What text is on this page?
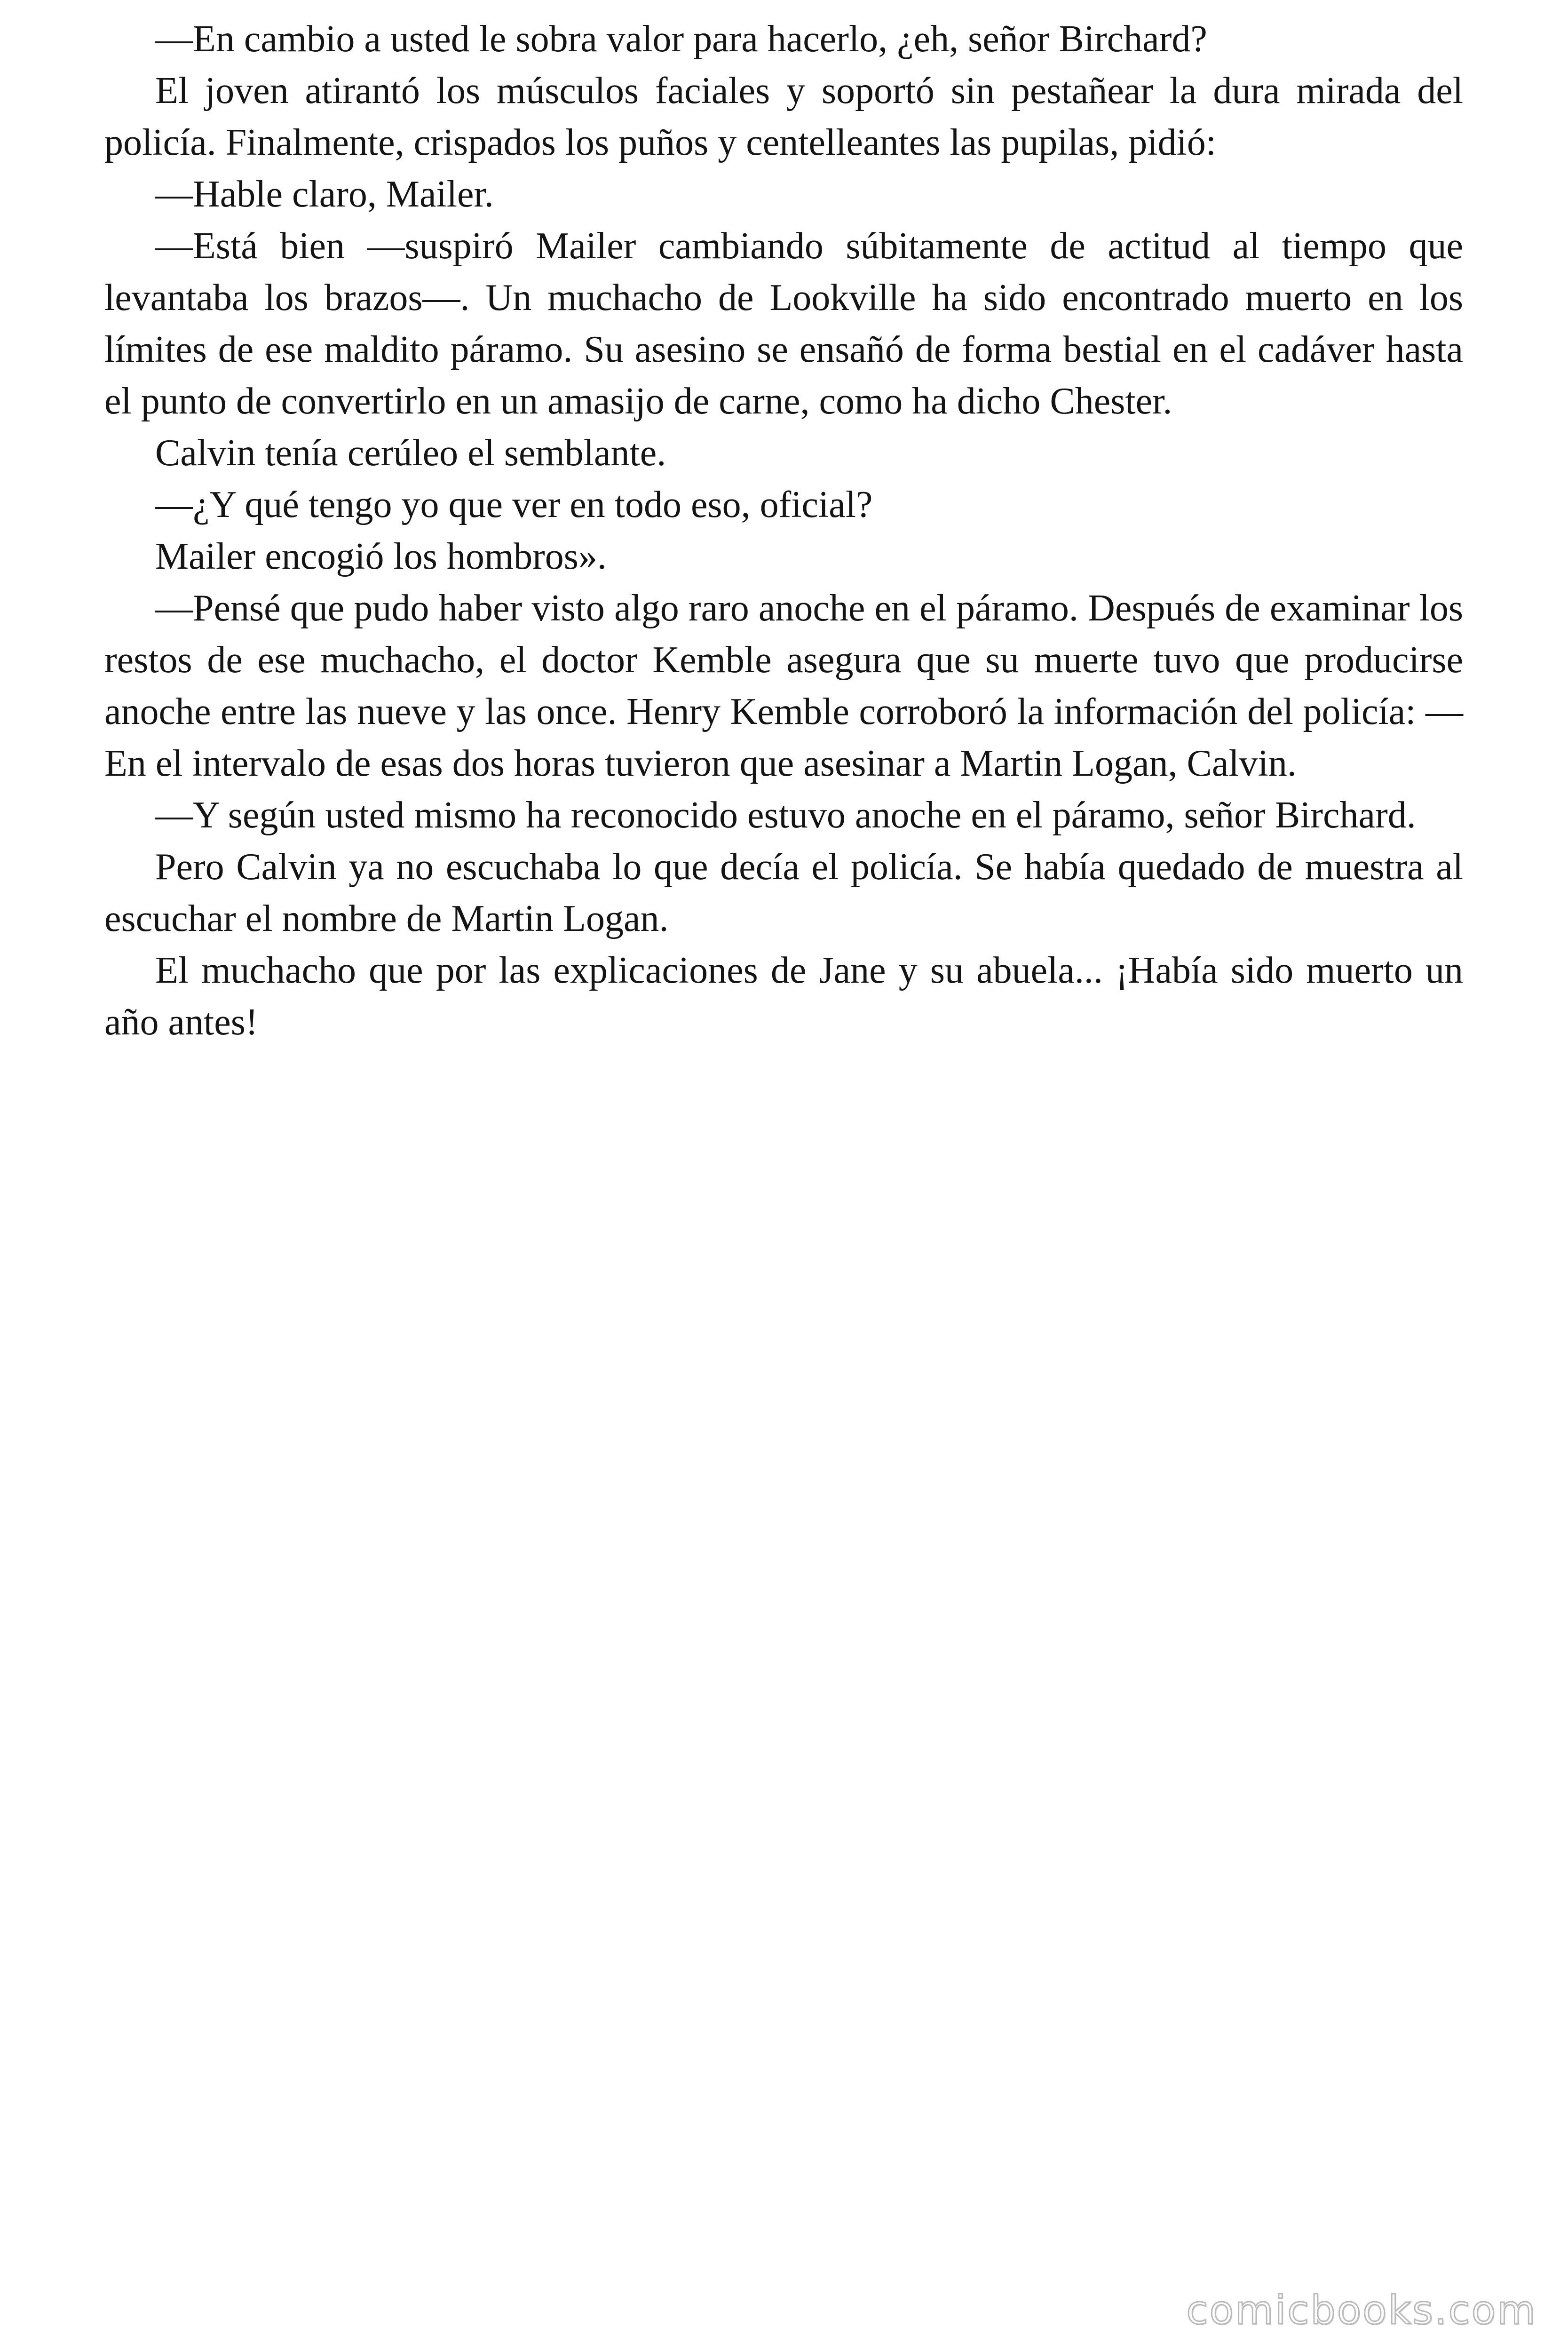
—En cambio a usted le sobra valor para hacerlo, ¿eh, señor Birchard?

El joven atirantó los músculos faciales y soportó sin pestañear la dura mirada del policía. Finalmente, crispados los puños y centelleantes las pupilas, pidió:

—Hable claro, Mailer.

—Está bien —suspiró Mailer cambiando súbitamente de actitud al tiempo que levantaba los brazos—. Un muchacho de Lookville ha sido encontrado muerto en los límites de ese maldito páramo. Su asesino se ensañó de forma bestial en el cadáver hasta el punto de convertirlo en un amasijo de carne, como ha dicho Chester.

Calvin tenía cerúleo el semblante.

—¿Y qué tengo yo que ver en todo eso, oficial?

Mailer encogió los hombros».

—Pensé que pudo haber visto algo raro anoche en el páramo. Después de examinar los restos de ese muchacho, el doctor Kemble asegura que su muerte tuvo que producirse anoche entre las nueve y las once. Henry Kemble corroboró la información del policía: —En el intervalo de esas dos horas tuvieron que asesinar a Martin Logan, Calvin.

—Y según usted mismo ha reconocido estuvo anoche en el páramo, señor Birchard.

Pero Calvin ya no escuchaba lo que decía el policía. Se había quedado de muestra al escuchar el nombre de Martin Logan.

El muchacho que por las explicaciones de Jane y su abuela... ¡Había sido muerto un año antes!

comicbooks.com
